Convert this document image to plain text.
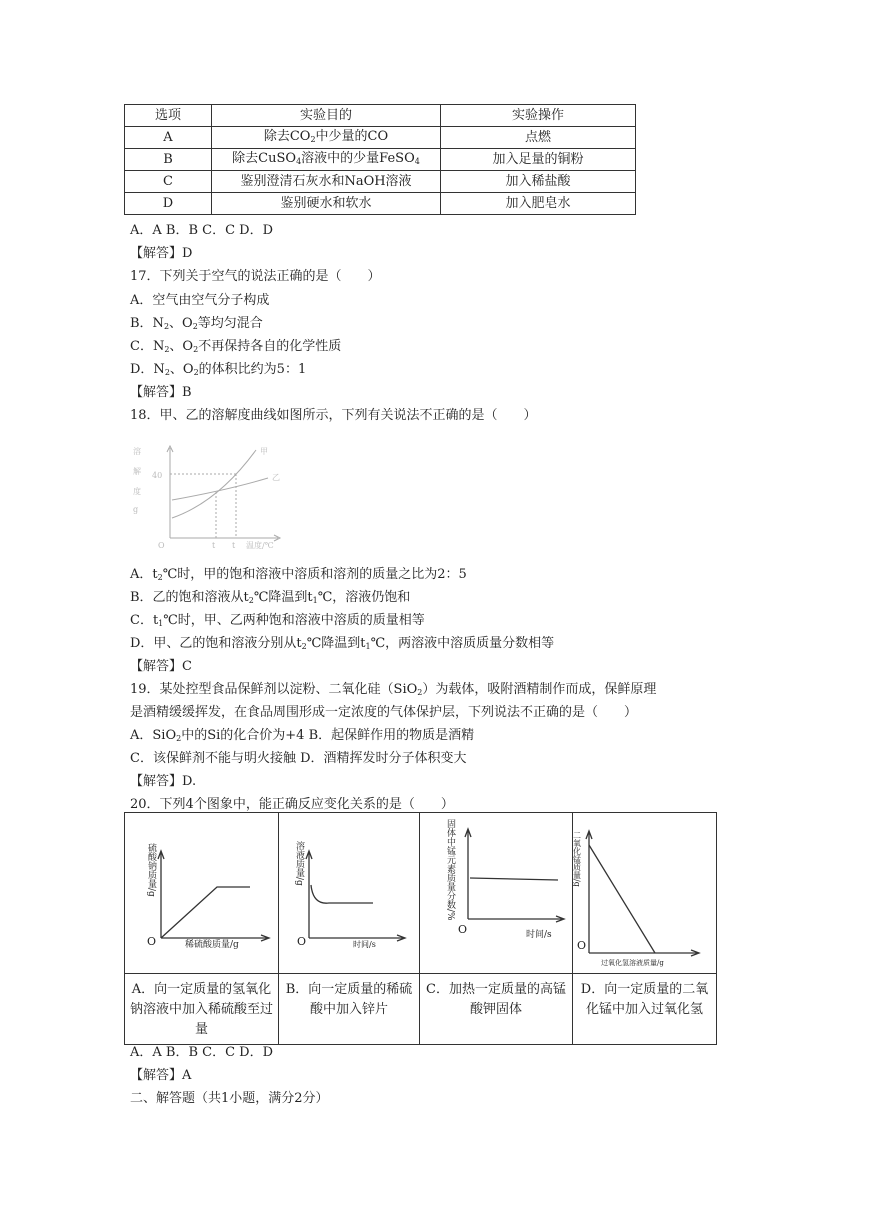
选项	实验目的	实验操作
A	除去$CO_2$中少量的CO	点燃
B	除去CuSO$_4$溶液中的少量FeSO$_4$	加入足量的铜粉
C	鉴别澄清石灰水和NaOH溶液	加入稀盐酸
D	鉴别硬水和软水	加入肥皂水
A．A B．B C．C D．D
【解答】D
17．下列关于空气的说法正确的是（　　）
A．空气由空气分子构成
B．$N_2$、$O_2$等均匀混合
C．$N_2$、$O_2$不再保持各自的化学性质
D．$N_2$、$O_2$的体积比约为5：1
【解答】B
18．甲、乙的溶解度曲线如图所示，下列有关说法不正确的是（　　）
溶
解
度
g
40
O
甲
乙
t t 温度/℃
A．$t_2℃$时，甲的饱和溶液中溶质和溶剂的质量之比为2：5
B．乙的饱和溶液从$t_2℃$降温到$t_1℃$，溶液仍饱和
C．$t_1℃$时，甲、乙两种饱和溶液中溶质的质量相等
D．甲、乙的饱和溶液分别从$t_2℃$降温到$t_1℃$，两溶液中溶质质量分数相等
【解答】C
19．某处控型食品保鲜剂以淀粉、二氧化硅（SiO$_2$）为载体，吸附酒精制作而成，保鲜原理
是酒精缓缓挥发，在食品周围形成一定浓度的气体保护层，下列说法不正确的是（　　）
A．SiO$_2$中的Si的化合价为+4 B．起保鲜作用的物质是酒精
C．该保鲜剂不能与明火接触 D．酒精挥发时分子体积变大
【解答】D.
20．下列4个图象中，能正确反应变化关系的是（　　）
硫酸钠质量/g
O 稀硫酸质量/g	溶液质量/g
O 时间/s	固体中锰元素质量分数/%
O 时间/s	二氧化锰质量/g
O
过氧化氢溶液质量/g

A．向一定质量的氢氧化钠溶液中加入稀硫酸至过量	B．向一定质量的稀硫酸中加入锌片	C．加热一定质量的高锰酸钾固体	D．向一定质量的二氧化锰中加入过氧化氢
A．A B．B C．C D．D
【解答】A
二、解答题（共1小题，满分2分）
